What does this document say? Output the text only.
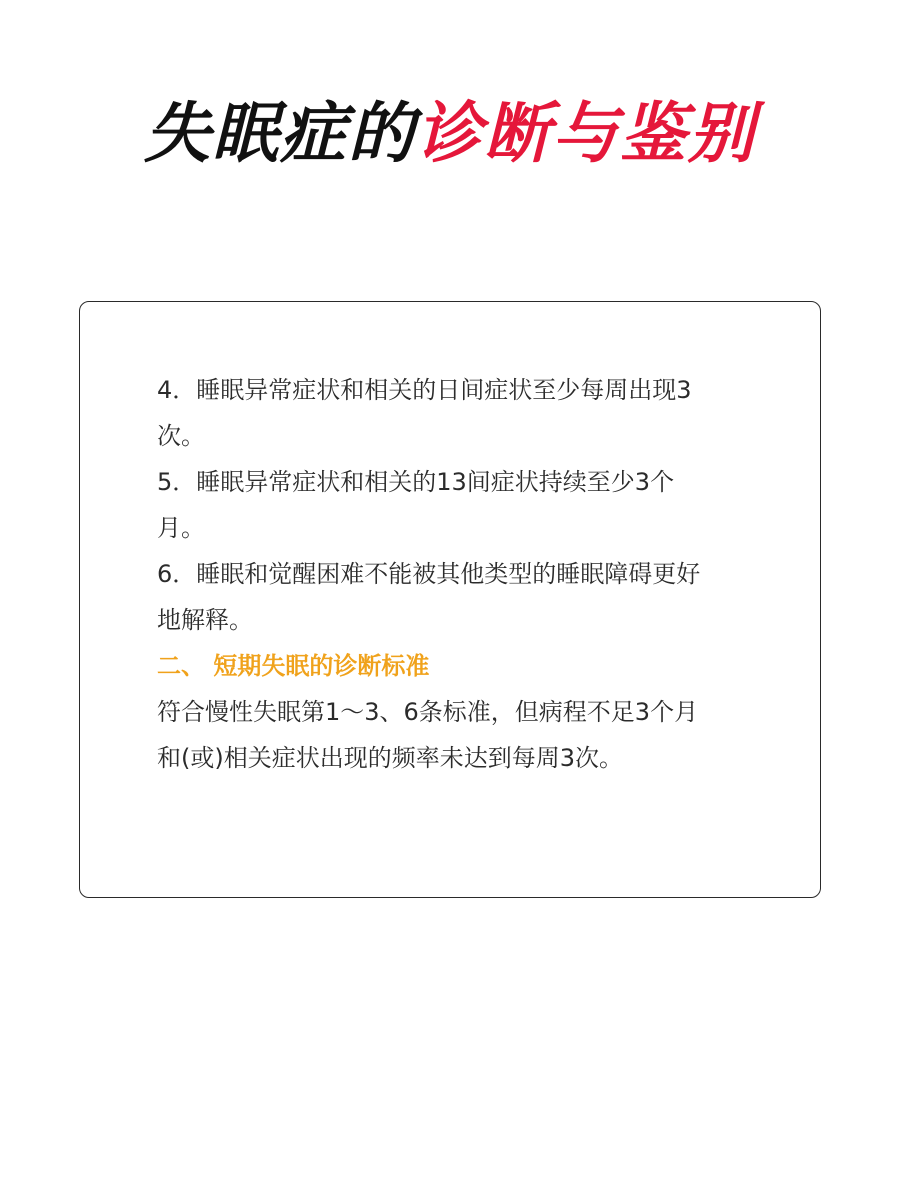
失眠症的诊断与鉴别

4．睡眠异常症状和相关的日间症状至少每周出现3次。

5．睡眠异常症状和相关的13间症状持续至少3个月。

6．睡眠和觉醒困难不能被其他类型的睡眠障碍更好地解释。

二、 短期失眠的诊断标准

符合慢性失眠第1～3、6条标准，但病程不足3个月和(或)相关症状出现的频率未达到每周3次。
